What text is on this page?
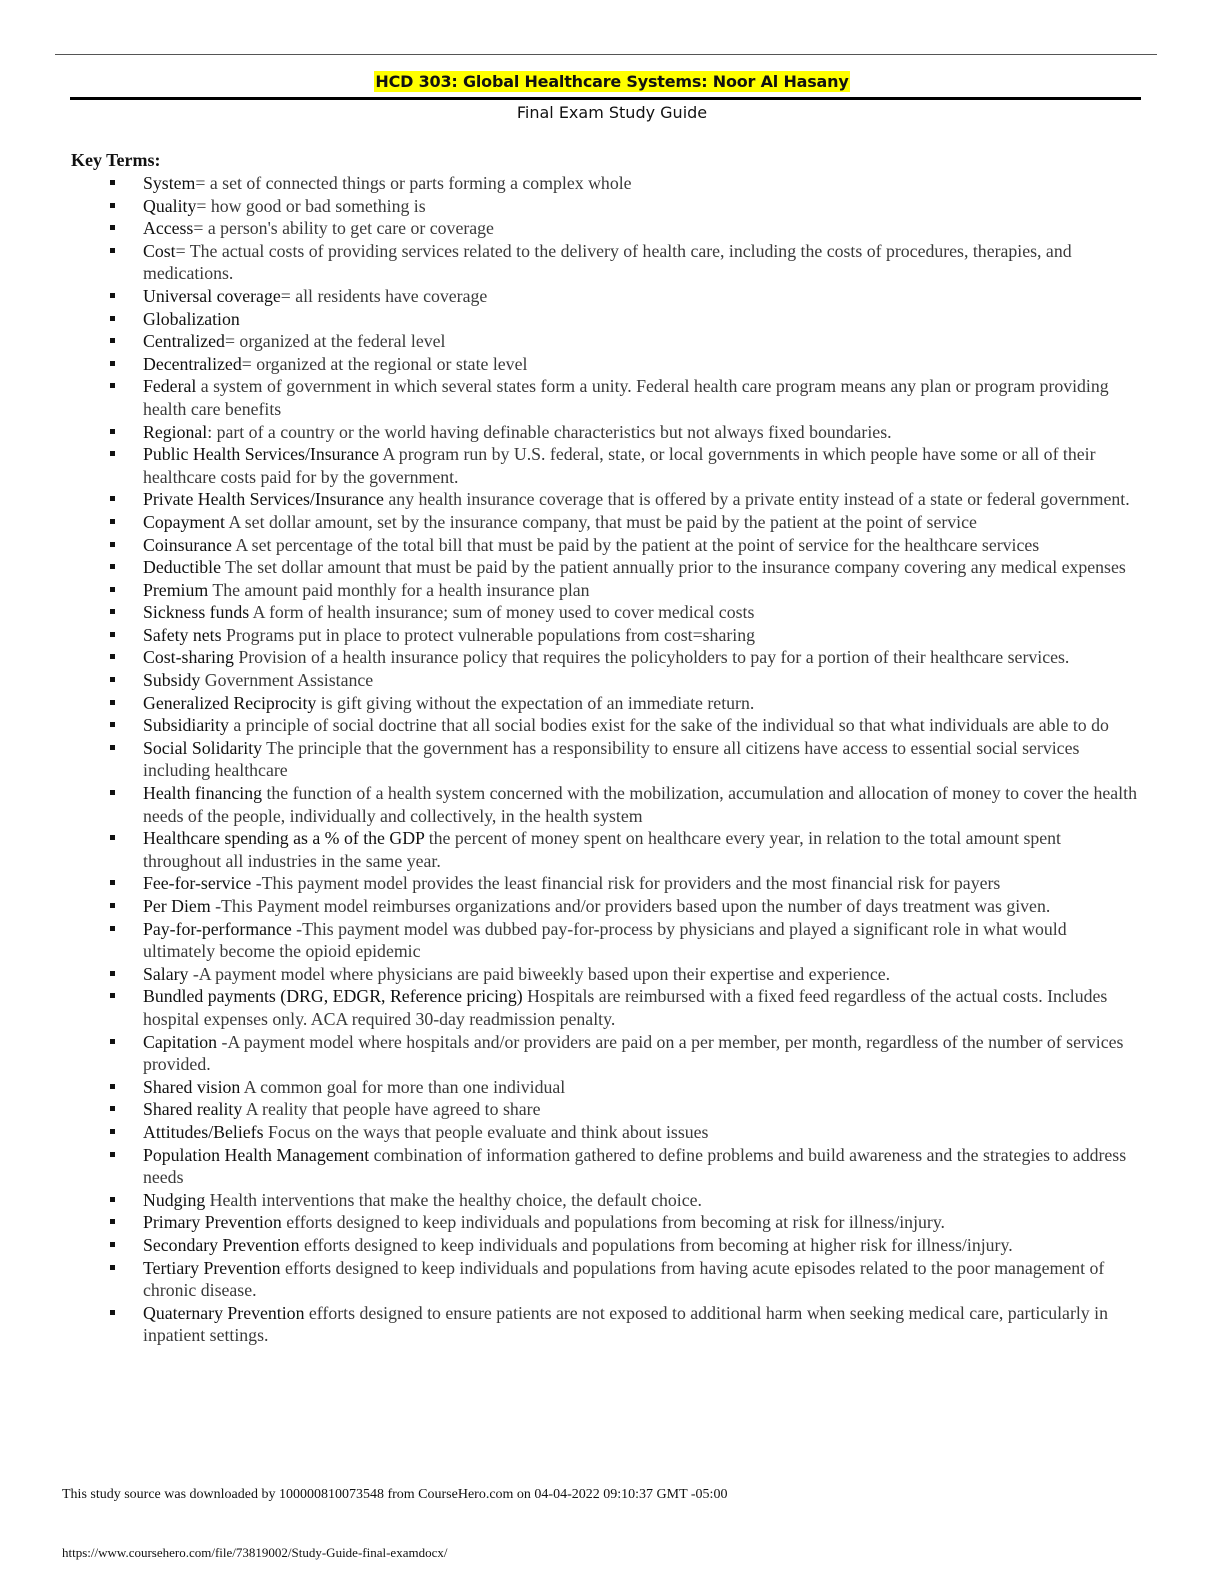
HCD 303: Global Healthcare Systems: Noor Al Hasany
Final Exam Study Guide
Key Terms:
System= a set of connected things or parts forming a complex whole
Quality= how good or bad something is
Access= a person's ability to get care or coverage
Cost= The actual costs of providing services related to the delivery of health care, including the costs of procedures, therapies, and medications.
Universal coverage= all residents have coverage
Globalization
Centralized= organized at the federal level
Decentralized= organized at the regional or state level
Federal a system of government in which several states form a unity. Federal health care program means any plan or program providing health care benefits
Regional: part of a country or the world having definable characteristics but not always fixed boundaries.
Public Health Services/Insurance A program run by U.S. federal, state, or local governments in which people have some or all of their healthcare costs paid for by the government.
Private Health Services/Insurance any health insurance coverage that is offered by a private entity instead of a state or federal government.
Copayment A set dollar amount, set by the insurance company, that must be paid by the patient at the point of service
Coinsurance A set percentage of the total bill that must be paid by the patient at the point of service for the healthcare services
Deductible The set dollar amount that must be paid by the patient annually prior to the insurance company covering any medical expenses
Premium The amount paid monthly for a health insurance plan
Sickness funds A form of health insurance; sum of money used to cover medical costs
Safety nets Programs put in place to protect vulnerable populations from cost=sharing
Cost-sharing Provision of a health insurance policy that requires the policyholders to pay for a portion of their healthcare services.
Subsidy Government Assistance
Generalized Reciprocity is gift giving without the expectation of an immediate return.
Subsidiarity a principle of social doctrine that all social bodies exist for the sake of the individual so that what individuals are able to do
Social Solidarity The principle that the government has a responsibility to ensure all citizens have access to essential social services including healthcare
Health financing the function of a health system concerned with the mobilization, accumulation and allocation of money to cover the health needs of the people, individually and collectively, in the health system
Healthcare spending as a % of the GDP the percent of money spent on healthcare every year, in relation to the total amount spent throughout all industries in the same year.
Fee-for-service -This payment model provides the least financial risk for providers and the most financial risk for payers
Per Diem -This Payment model reimburses organizations and/or providers based upon the number of days treatment was given.
Pay-for-performance -This payment model was dubbed pay-for-process by physicians and played a significant role in what would ultimately become the opioid epidemic
Salary -A payment model where physicians are paid biweekly based upon their expertise and experience.
Bundled payments (DRG, EDGR, Reference pricing) Hospitals are reimbursed with a fixed feed regardless of the actual costs. Includes hospital expenses only. ACA required 30-day readmission penalty.
Capitation -A payment model where hospitals and/or providers are paid on a per member, per month, regardless of the number of services provided.
Shared vision A common goal for more than one individual
Shared reality A reality that people have agreed to share
Attitudes/Beliefs Focus on the ways that people evaluate and think about issues
Population Health Management combination of information gathered to define problems and build awareness and the strategies to address needs
Nudging Health interventions that make the healthy choice, the default choice.
Primary Prevention efforts designed to keep individuals and populations from becoming at risk for illness/injury.
Secondary Prevention efforts designed to keep individuals and populations from becoming at higher risk for illness/injury.
Tertiary Prevention efforts designed to keep individuals and populations from having acute episodes related to the poor management of chronic disease.
Quaternary Prevention efforts designed to ensure patients are not exposed to additional harm when seeking medical care, particularly in inpatient settings.
This study source was downloaded by 100000810073548 from CourseHero.com on 04-04-2022 09:10:37 GMT -05:00
https://www.coursehero.com/file/73819002/Study-Guide-final-examdocx/
